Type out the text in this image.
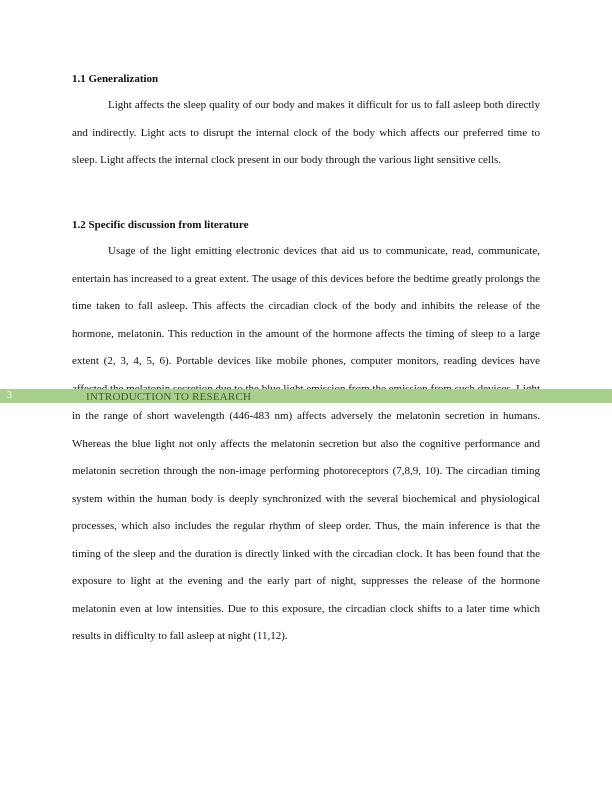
1.1 Generalization

Light affects the sleep quality of our body and makes it difficult for us to fall asleep both directly and indirectly. Light acts to disrupt the internal clock of the body which affects our preferred time to sleep. Light affects the internal clock present in our body through the various light sensitive cells.

1.2 Specific discussion from literature

Usage of the light emitting electronic devices that aid us to communicate, read, communicate, entertain has increased to a great extent. The usage of this devices before the bedtime greatly prolongs the time taken to fall asleep. This affects the circadian clock of the body and inhibits the release of the hormone, melatonin. This reduction in the amount of the hormone affects the timing of sleep to a large extent (2, 3, 4, 5, 6). Portable devices like mobile phones, computer monitors, reading devices have in the range of short wavelength (446-483 nm) affects adversely the melatonin secretion in humans. Whereas the blue light not only affects the melatonin secretion but also the cognitive performance and melatonin secretion through the non-image performing photoreceptors (7,8,9, 10). The circadian timing system within the human body is deeply synchronized with the several biochemical and physiological processes, which also includes the regular rhythm of sleep order. Thus, the main inference is that the timing of the sleep and the duration is directly linked with the circadian clock. It has been found that the exposure to light at the evening and the early part of night, suppresses the release of the hormone melatonin even at low intensities. Due to this exposure, the circadian clock shifts to a later time which results in difficulty to fall asleep at night (11,12).

3	INTRODUCTION TO RESEARCH
